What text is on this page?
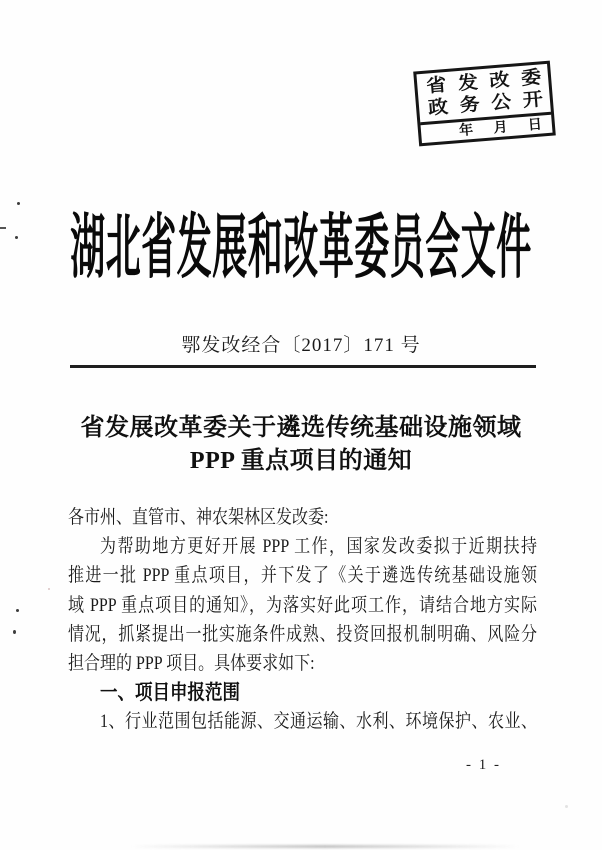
省发改委
政务公开
年 月 日
湖北省发展和改革委员会文件
鄂发改经合〔2017〕171 号
省发展改革委关于遴选传统基础设施领域
PPP 重点项目的通知
各市州、直管市、神农架林区发改委:
为帮助地方更好开展 PPP 工作，国家发改委拟于近期扶持
推进一批 PPP 重点项目，并下发了《关于遴选传统基础设施领
域 PPP 重点项目的通知》，为落实好此项工作，请结合地方实际
情况，抓紧提出一批实施条件成熟、投资回报机制明确、风险分
担合理的 PPP 项目。具体要求如下:
一、项目申报范围
1、行业范围包括能源、交通运输、水利、环境保护、农业、
- 1 -
